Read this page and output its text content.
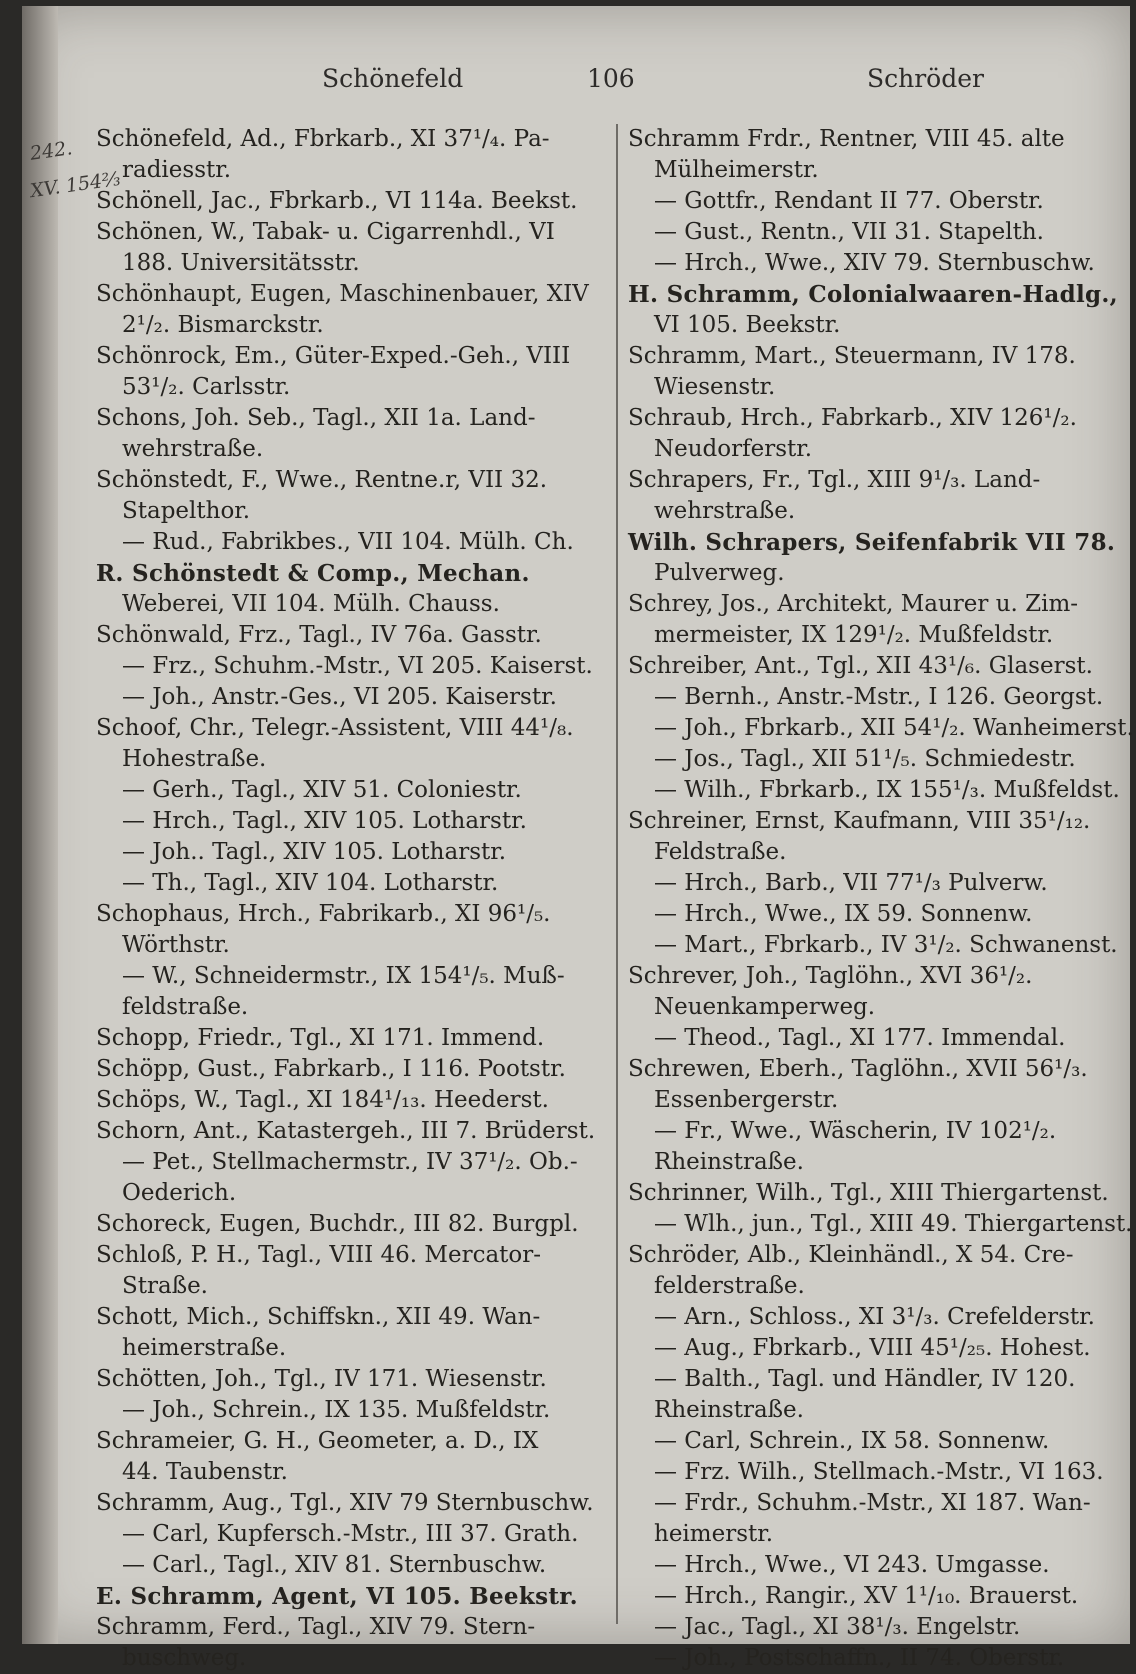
Schönefeld	106	Schröder
242.
XV. 154⅔
Schönefeld, Ad., Fbrkarb., XI 37¹/₄. Pa-
radiesstr.
Schönell, Jac., Fbrkarb., VI 114a. Beekst.
Schönen, W., Tabak- u. Cigarrenhdl., VI
188. Universitätsstr.
Schönhaupt, Eugen, Maschinenbauer, XIV
2¹/₂. Bismarckstr.
Schönrock, Em., Güter-Exped.-Geh., VIII
53¹/₂. Carlsstr.
Schons, Joh. Seb., Tagl., XII 1a. Land-
wehrstraße.
Schönstedt, F., Wwe., Rentne.r, VII 32.
Stapelthor.
— Rud., Fabrikbes., VII 104. Mülh. Ch.
R. Schönstedt & Comp., Mechan.
Weberei, VII 104. Mülh. Chauss.
Schönwald, Frz., Tagl., IV 76a. Gasstr.
— Frz., Schuhm.-Mstr., VI 205. Kaiserst.
— Joh., Anstr.-Ges., VI 205. Kaiserstr.
Schoof, Chr., Telegr.-Assistent, VIII 44¹/₈.
Hohestraße.
— Gerh., Tagl., XIV 51. Coloniestr.
— Hrch., Tagl., XIV 105. Lotharstr.
— Joh.. Tagl., XIV 105. Lotharstr.
— Th., Tagl., XIV 104. Lotharstr.
Schophaus, Hrch., Fabrikarb., XI 96¹/₅.
Wörthstr.
— W., Schneidermstr., IX 154¹/₅. Muß-
feldstraße.
Schopp, Friedr., Tgl., XI 171. Immend.
Schöpp, Gust., Fabrkarb., I 116. Pootstr.
Schöps, W., Tagl., XI 184¹/₁₃. Heederst.
Schorn, Ant., Katastergeh., III 7. Brüderst.
— Pet., Stellmachermstr., IV 37¹/₂. Ob.-
Oederich.
Schoreck, Eugen, Buchdr., III 82. Burgpl.
Schloß, P. H., Tagl., VIII 46. Mercator-
Straße.
Schott, Mich., Schiffskn., XII 49. Wan-
heimerstraße.
Schötten, Joh., Tgl., IV 171. Wiesenstr.
— Joh., Schrein., IX 135. Mußfeldstr.
Schrameier, G. H., Geometer, a. D., IX
44. Taubenstr.
Schramm, Aug., Tgl., XIV 79 Sternbuschw.
— Carl, Kupfersch.-Mstr., III 37. Grath.
— Carl., Tagl., XIV 81. Sternbuschw.
E. Schramm, Agent, VI 105. Beekstr.
Schramm, Ferd., Tagl., XIV 79. Stern-
buschweg.
Schramm Frdr., Rentner, VIII 45. alte
Mülheimerstr.
— Gottfr., Rendant II 77. Oberstr.
— Gust., Rentn., VII 31. Stapelth.
— Hrch., Wwe., XIV 79. Sternbuschw.
H. Schramm, Colonialwaaren-Hadlg.,
VI 105. Beekstr.
Schramm, Mart., Steuermann, IV 178.
Wiesenstr.
Schraub, Hrch., Fabrkarb., XIV 126¹/₂.
Neudorferstr.
Schrapers, Fr., Tgl., XIII 9¹/₃. Land-
wehrstraße.
Wilh. Schrapers, Seifenfabrik VII 78.
Pulverweg.
Schrey, Jos., Architekt, Maurer u. Zim-
mermeister, IX 129¹/₂. Mußfeldstr.
Schreiber, Ant., Tgl., XII 43¹/₆. Glaserst.
— Bernh., Anstr.-Mstr., I 126. Georgst.
— Joh., Fbrkarb., XII 54¹/₂. Wanheimerst.
— Jos., Tagl., XII 51¹/₅. Schmiedestr.
— Wilh., Fbrkarb., IX 155¹/₃. Mußfeldst.
Schreiner, Ernst, Kaufmann, VIII 35¹/₁₂.
Feldstraße.
— Hrch., Barb., VII 77¹/₃ Pulverw.
— Hrch., Wwe., IX 59. Sonnenw.
— Mart., Fbrkarb., IV 3¹/₂. Schwanenst.
Schrever, Joh., Taglöhn., XVI 36¹/₂.
Neuenkamperweg.
— Theod., Tagl., XI 177. Immendal.
Schrewen, Eberh., Taglöhn., XVII 56¹/₃.
Essenbergerstr.
— Fr., Wwe., Wäscherin, IV 102¹/₂.
Rheinstraße.
Schrinner, Wilh., Tgl., XIII Thiergartenst.
— Wlh., jun., Tgl., XIII 49. Thiergartenst.
Schröder, Alb., Kleinhändl., X 54. Cre-
felderstraße.
— Arn., Schloss., XI 3¹/₃. Crefelderstr.
— Aug., Fbrkarb., VIII 45¹/₂₅. Hohest.
— Balth., Tagl. und Händler, IV 120.
Rheinstraße.
— Carl, Schrein., IX 58. Sonnenw.
— Frz. Wilh., Stellmach.-Mstr., VI 163.
— Frdr., Schuhm.-Mstr., XI 187. Wan-
heimerstr.
— Hrch., Wwe., VI 243. Umgasse.
— Hrch., Rangir., XV 1¹/₁₀. Brauerst.
— Jac., Tagl., XI 38¹/₃. Engelstr.
— Joh., Postschaffn., II 74. Oberstr.
